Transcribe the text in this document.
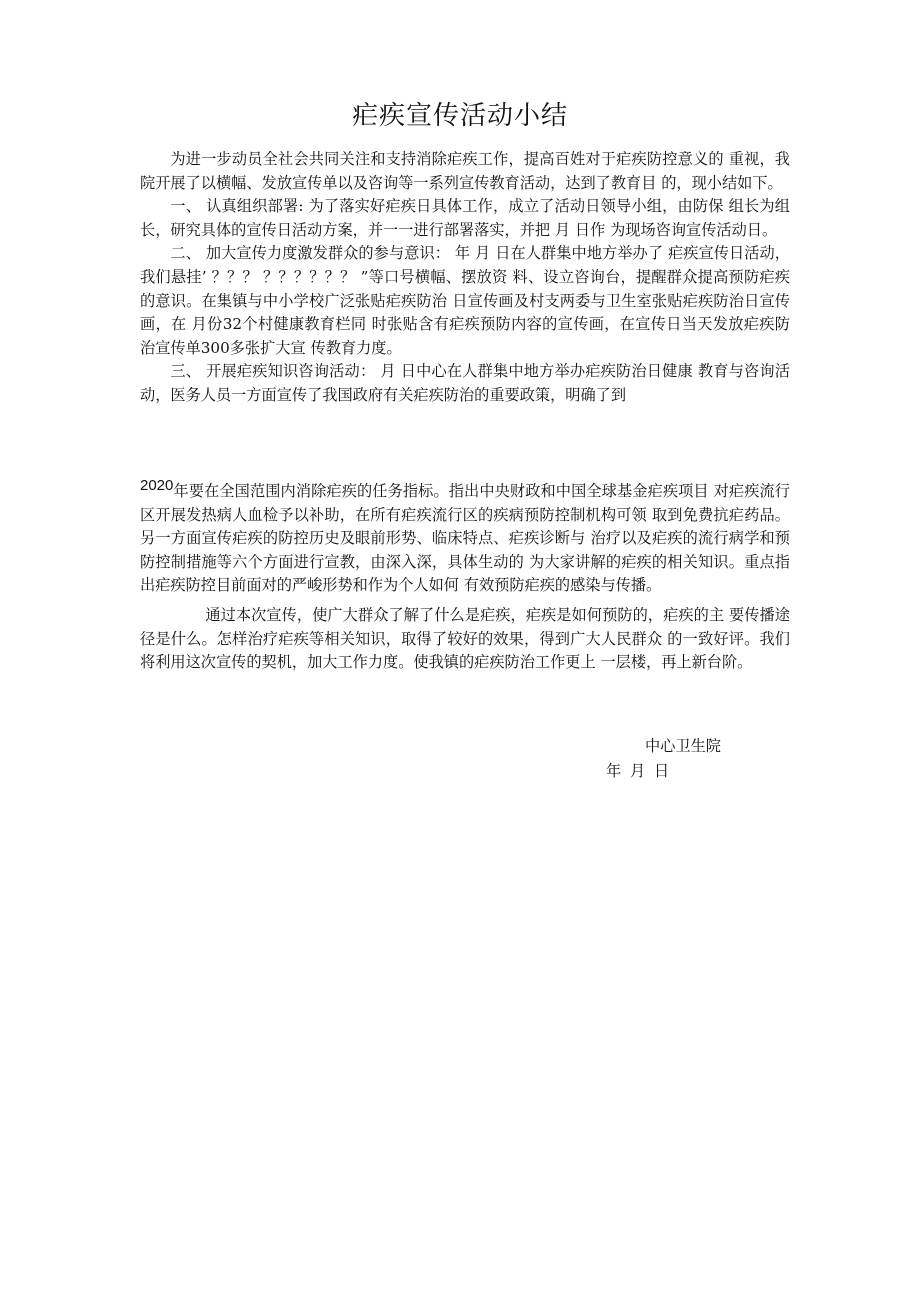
疟疾宣传活动小结

为进一步动员全社会共同关注和支持消除疟疾工作，提高百姓对于疟疾防控意义的 重视，我院开展了以横幅、发放宣传单以及咨询等一系列宣传教育活动，达到了教育目 的，现小结如下。

一、 认真组织部署: 为了落实好疟疾日具体工作，成立了活动日领导小组，由防保 组长为组长，研究具体的宣传日活动方案，并一一进行部署落实，并把 月 日作 为现场咨询宣传活动日。

二、 加大宣传力度激发群众的参与意识： 年 月 日在人群集中地方举办了 疟疾宣传日活动，我们悬挂’ ？？？ ？？？？？？ ”等口号横幅、摆放资 料、设立咨询台，提醒群众提高预防疟疾的意识。在集镇与中小学校广泛张贴疟疾防治 日宣传画及村支两委与卫生室张贴疟疾防治日宣传画，在 月份32个村健康教育栏同 时张贴含有疟疾预防内容的宣传画，在宣传日当天发放疟疾防治宣传单300多张扩大宣 传教育力度。

三、 开展疟疾知识咨询活动： 月 日中心在人群集中地方举办疟疾防治日健康 教育与咨询活动，医务人员一方面宣传了我国政府有关疟疾防治的重要政策，明确了到

2020年要在全国范围内消除疟疾的任务指标。指出中央财政和中国全球基金疟疾项目 对疟疾流行区开展发热病人血检予以补助，在所有疟疾流行区的疾病预防控制机构可领 取到免费抗疟药品。另一方面宣传疟疾的防控历史及眼前形势、临床特点、疟疾诊断与 治疗以及疟疾的流行病学和预防控制措施等六个方面进行宣教，由深入深，具体生动的 为大家讲解的疟疾的相关知识。重点指出疟疾防控目前面对的严峻形势和作为个人如何 有效预防疟疾的感染与传播。

通过本次宣传，使广大群众了解了什么是疟疾，疟疾是如何预防的，疟疾的主 要传播途径是什么。怎样治疗疟疾等相关知识，取得了较好的效果，得到广大人民群众 的一致好评。我们将利用这次宣传的契机，加大工作力度。使我镇的疟疾防治工作更上 一层楼，再上新台阶。

中心卫生院
年 月 日
